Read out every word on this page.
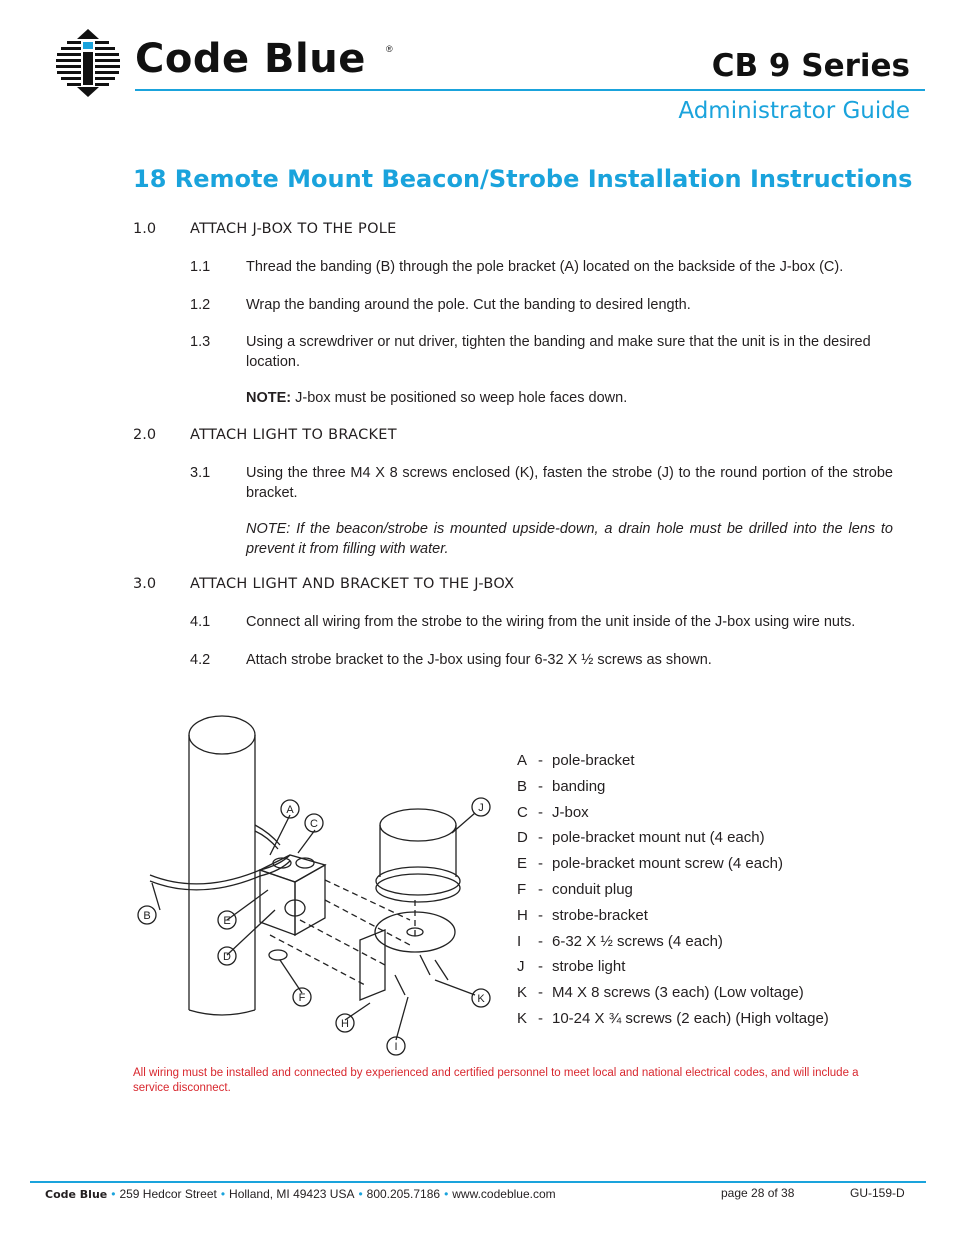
Code Blue ®	CB 9 Series
Administrator Guide
18 Remote Mount Beacon/Strobe Installation Instructions
1.0 ATTACH J-BOX TO THE POLE
1.1 Thread the banding (B) through the pole bracket (A) located on the backside of the J-box (C).
1.2 Wrap the banding around the pole. Cut the banding to desired length.
1.3 Using a screwdriver or nut driver, tighten the banding and make sure that the unit is in the desired location.
NOTE: J-box must be positioned so weep hole faces down.
2.0 ATTACH LIGHT TO BRACKET
3.1 Using the three M4 X 8 screws enclosed (K), fasten the strobe (J) to the round portion of the strobe bracket.
NOTE: If the beacon/strobe is mounted upside-down, a drain hole must be drilled into the lens to prevent it from filling with water.
3.0 ATTACH LIGHT AND BRACKET TO THE J-BOX
4.1 Connect all wiring from the strobe to the wiring from the unit inside of the J-box using wire nuts.
4.2 Attach strobe bracket to the J-box using four 6-32 X ½ screws as shown.
A
C
B	E
D
F
J
K
H
I
A - pole-bracket
B - banding
C - J-box
D - pole-bracket mount nut (4 each)
E - pole-bracket mount screw (4 each)
F - conduit plug
H - strobe-bracket
I - 6-32 X ½ screws (4 each)
J - strobe light
K - M4 X 8 screws (3 each) (Low voltage)
K - 10-24 X ¾ screws (2 each) (High voltage)
All wiring must be installed and connected by experienced and certified personnel to meet local and national electrical codes, and will include a service disconnect.
Code Blue • 259 Hedcor Street • Holland, MI 49423 USA • 800.205.7186 • www.codeblue.com	page 28 of 38	GU-159-D
